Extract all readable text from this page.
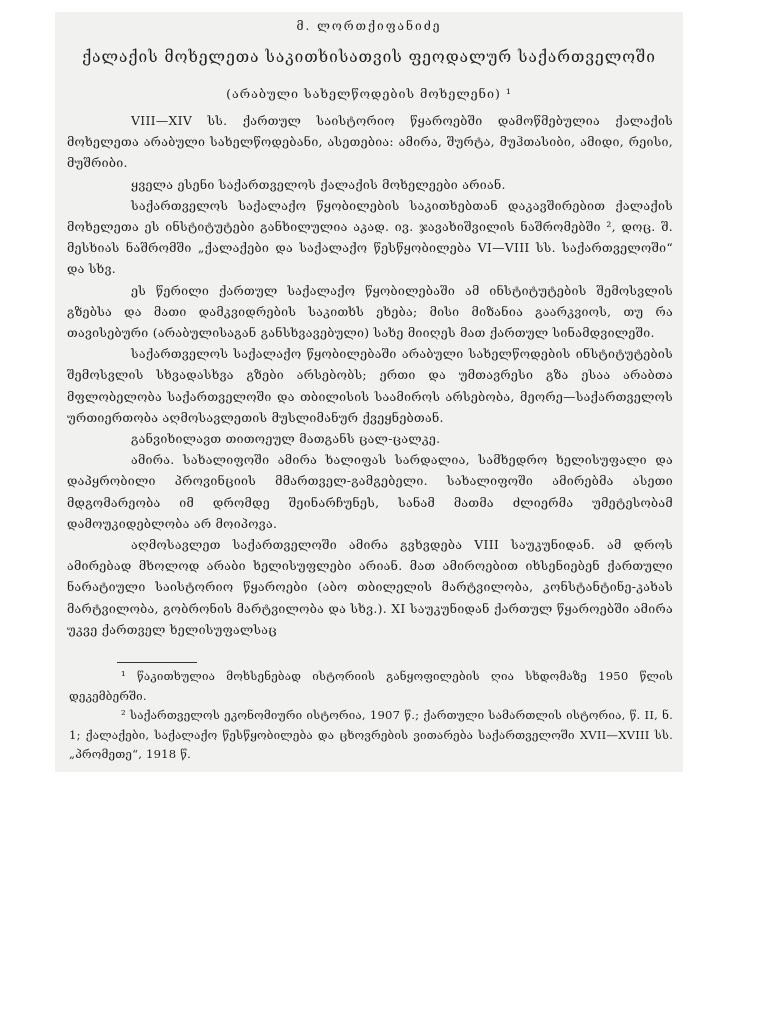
მ. ლორთქიფანიძე
ქალაქის მოხელეთა საკითხისათვის ფეოდალურ საქართველოში
(არაბული სახელწოდების მოხელენი) ¹

VIII—XIV სს. ქართულ საისტორიო წყაროებში დამოწმებულია ქალაქის მოხელეთა არაბული სახელწოდებანი, ასეთებია: ამირა, შურტა, მუჰთასიბი, ამიდი, რეისი, მუშრიბი.

ყველა ესენი საქართველოს ქალაქის მოხელეები არიან.

საქართველოს საქალაქო წყობილების საკითხებთან დაკავშირებით ქალაქის მოხელეთა ეს ინსტიტუტები განხილულია აკად. ივ. ჯავახიშვილის ნაშრომებში ², დოც. შ. მესხიას ნაშრომში „ქალაქები და საქალაქო წესწყობილება VI—VIII სს. საქართველოში“ და სხვ.

ეს წერილი ქართულ საქალაქო წყობილებაში ამ ინსტიტუტების შემოსვლის გზებსა და მათი დამკვიდრების საკითხს ეხება; მისი მიზანია გაარკვიოს, თუ რა თავისებური (არაბულისაგან განსხვავებული) სახე მიიღეს მათ ქართულ სინამდვილეში.

საქართველოს საქალაქო წყობილებაში არაბული სახელწოდების ინსტიტუტების შემოსვლის სხვადასხვა გზები არსებობს; ერთი და უმთავრესი გზა ესაა არაბთა მფლობელობა საქართველოში და თბილისის საამიროს არსებობა, მეორე—საქართველოს ურთიერთობა აღმოსავლეთის მუსლიმანურ ქვეყნებთან.

განვიხილავთ თითოეულ მათგანს ცალ-ცალკე.

ამირა. სახალიფოში ამირა ხალიფას სარდალია, სამხედრო ხელისუფალი და დაპყრობილი პროვინციის მმართველ-გამგებელი. სახალიფოში ამირებმა ასეთი მდგომარეობა იმ დრომდე შეინარჩუნეს, სანამ მათმა ძლიერმა უმეტესობამ დამოუკიდებლობა არ მოიპოვა.

აღმოსავლეთ საქართველოში ამირა გვხვდება VIII საუკუნიდან. ამ დროს ამირებად მხოლოდ არაბი ხელისუფლები არიან. მათ ამიროებით იხსენიებენ ქართული ნარატიული საისტორიო წყაროები (აბო თბილელის მარტვილობა, კონსტანტინე-კახას მარტვილობა, გობრონის მარტვილობა და სხვ.). XI საუკუნიდან ქართულ წყაროებში ამირა უკვე ქართველ ხელისუფალსაც

¹ წაკითხულია მოხსენებად ისტორიის განყოფილების ღია სხდომაზე 1950 წლის დეკემბერში.

² საქართველოს ეკონომიური ისტორია, 1907 წ.; ქართული სამართლის ისტორია, წ. II, ნ. 1; ქალაქები, საქალაქო წესწყობილება და ცხოვრების ვითარება საქართველოში XVII—XVIII სს. „პრომეთე“, 1918 წ.
